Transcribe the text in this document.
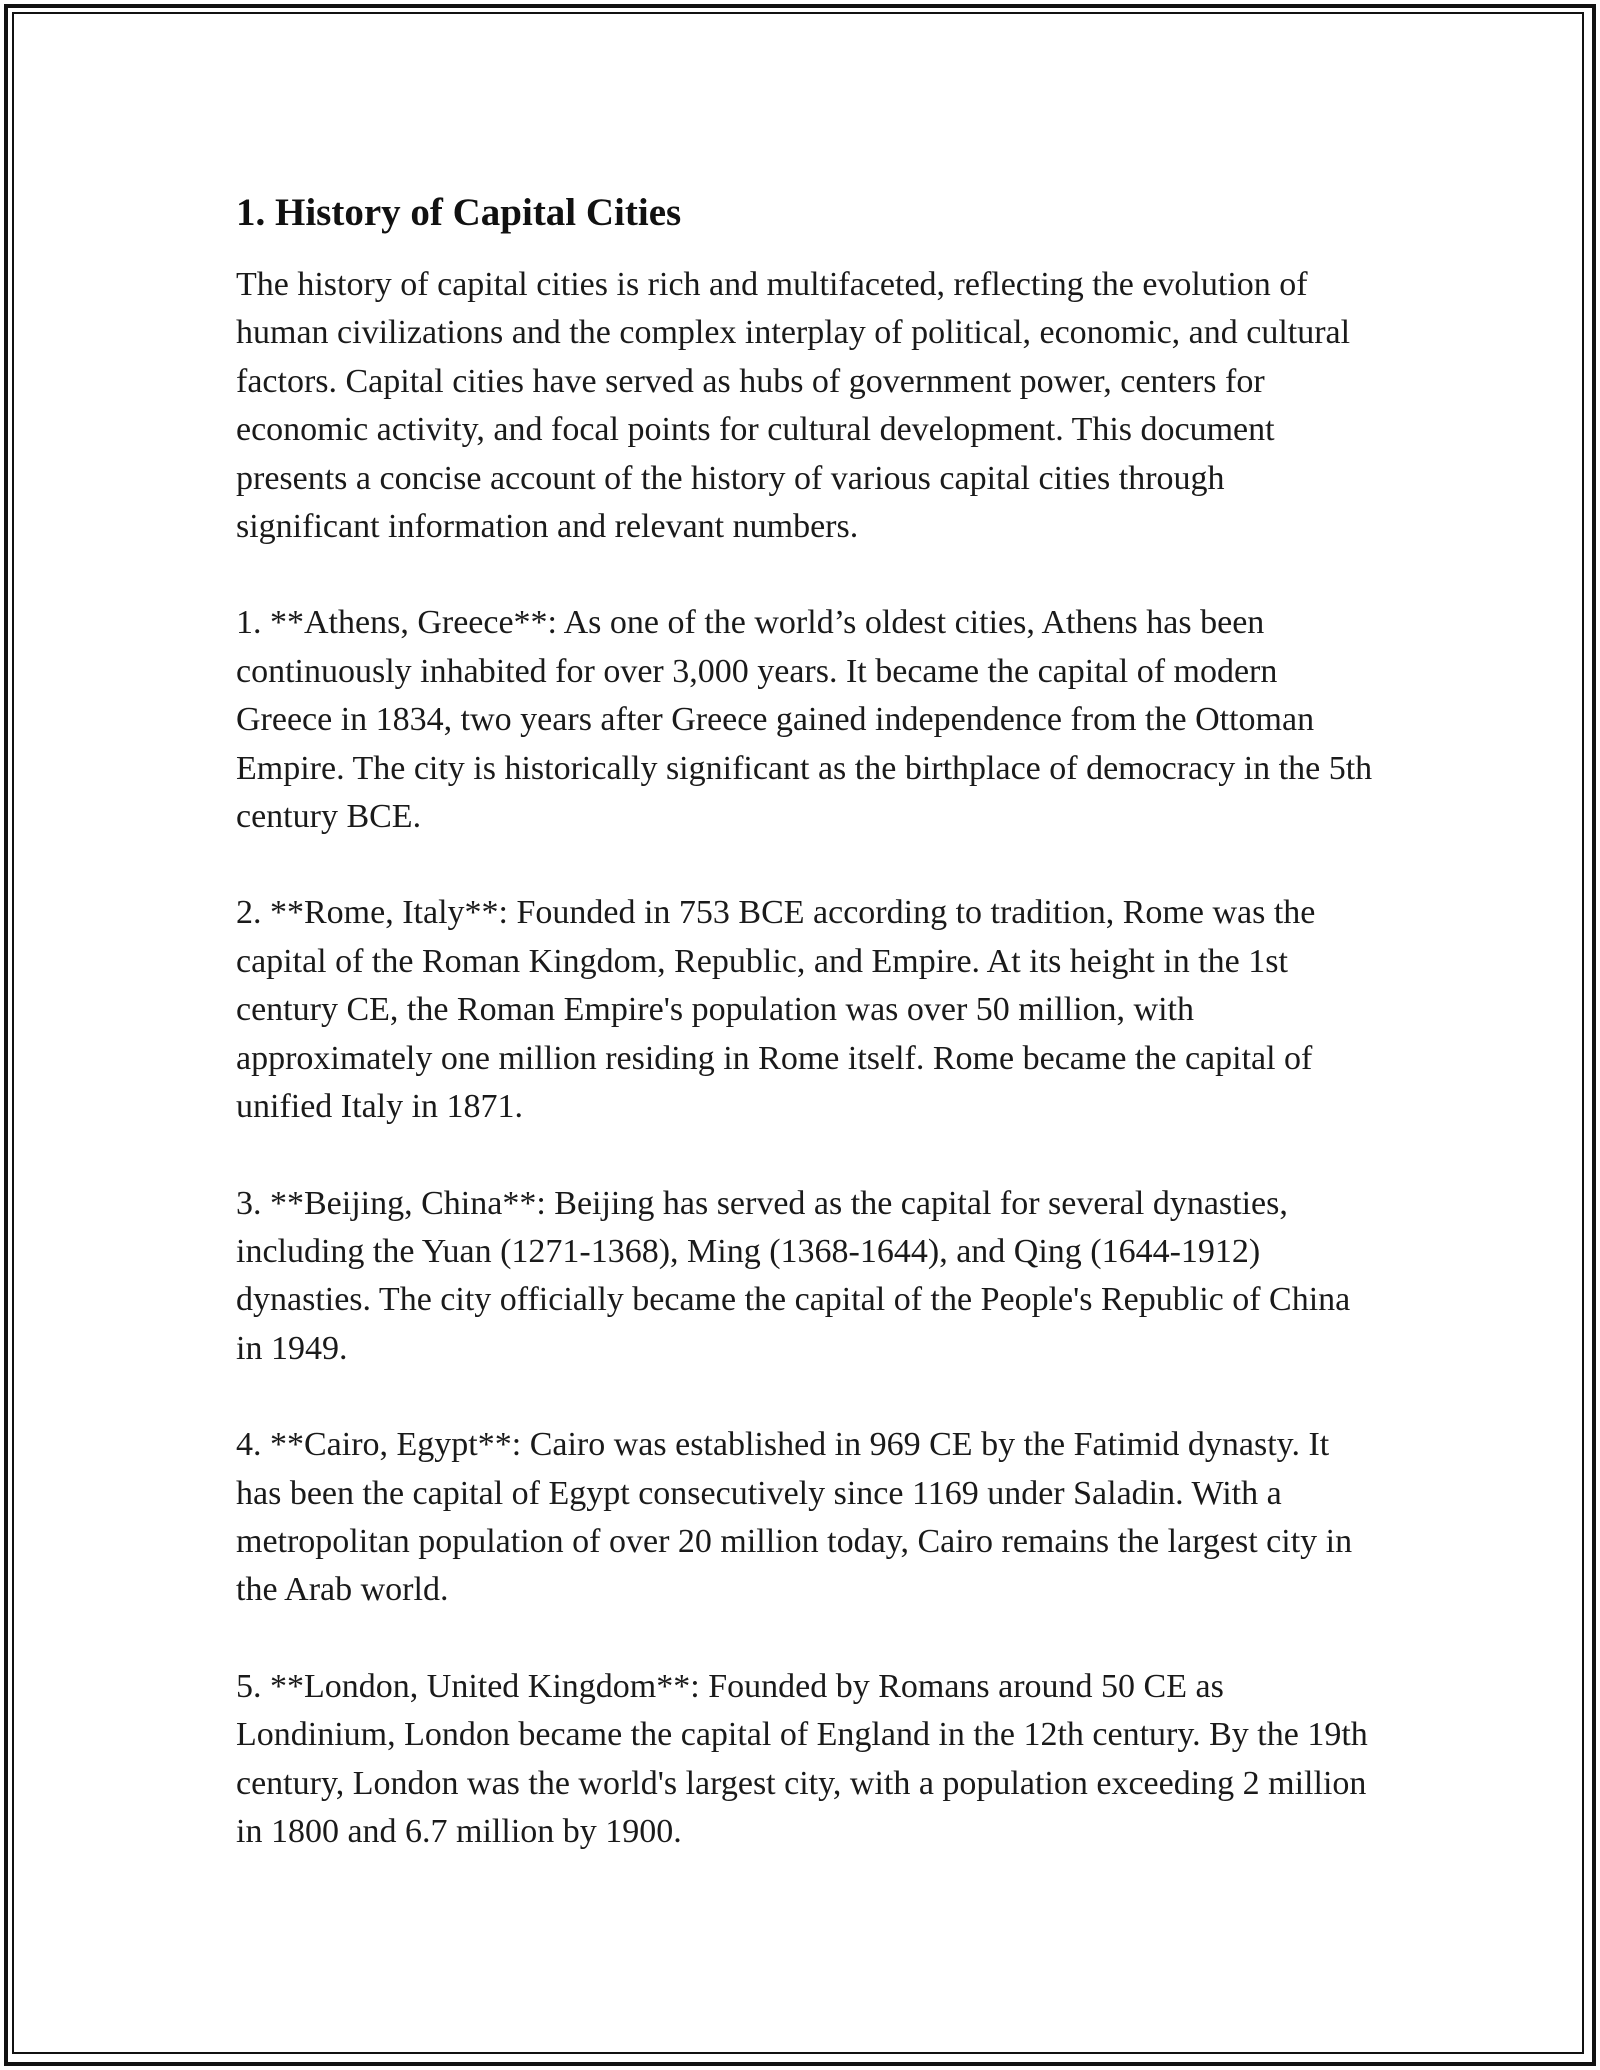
1. History of Capital Cities

The history of capital cities is rich and multifaceted, reflecting the evolution of human civilizations and the complex interplay of political, economic, and cultural factors. Capital cities have served as hubs of government power, centers for economic activity, and focal points for cultural development. This document presents a concise account of the history of various capital cities through significant information and relevant numbers.

1. **Athens, Greece**: As one of the world’s oldest cities, Athens has been continuously inhabited for over 3,000 years. It became the capital of modern Greece in 1834, two years after Greece gained independence from the Ottoman Empire. The city is historically significant as the birthplace of democracy in the 5th century BCE.

2. **Rome, Italy**: Founded in 753 BCE according to tradition, Rome was the capital of the Roman Kingdom, Republic, and Empire. At its height in the 1st century CE, the Roman Empire's population was over 50 million, with approximately one million residing in Rome itself. Rome became the capital of unified Italy in 1871.

3. **Beijing, China**: Beijing has served as the capital for several dynasties, including the Yuan (1271-1368), Ming (1368-1644), and Qing (1644-1912) dynasties. The city officially became the capital of the People's Republic of China in 1949.

4. **Cairo, Egypt**: Cairo was established in 969 CE by the Fatimid dynasty. It has been the capital of Egypt consecutively since 1169 under Saladin. With a metropolitan population of over 20 million today, Cairo remains the largest city in the Arab world.

5. **London, United Kingdom**: Founded by Romans around 50 CE as Londinium, London became the capital of England in the 12th century. By the 19th century, London was the world's largest city, with a population exceeding 2 million in 1800 and 6.7 million by 1900.
